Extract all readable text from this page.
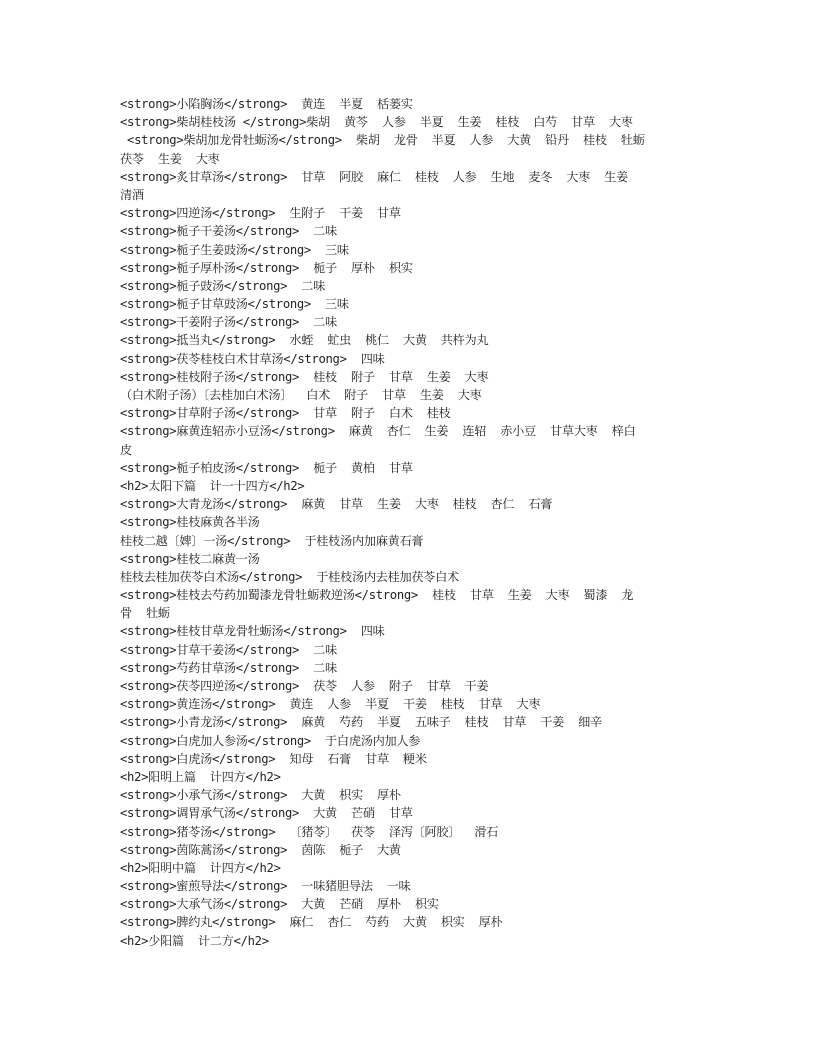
<strong>小陷胸汤</strong>  黄连  半夏  栝蒌实
<strong>柴胡桂枝汤 </strong>柴胡  黄芩  人参  半夏  生姜  桂枝  白芍  甘草  大枣
<strong>柴胡加龙骨牡蛎汤</strong>  柴胡  龙骨  半夏  人参  大黄  铅丹  桂枝  牡蛎
茯苓  生姜  大枣
<strong>炙甘草汤</strong>  甘草  阿胶  麻仁  桂枝  人参  生地  麦冬  大枣  生姜
清酒
<strong>四逆汤</strong>  生附子  干姜  甘草
<strong>栀子干姜汤</strong>  二味
<strong>栀子生姜豉汤</strong>  三味
<strong>栀子厚朴汤</strong>  栀子  厚朴  枳实
<strong>栀子豉汤</strong>  二味
<strong>栀子甘草豉汤</strong>  三味
<strong>干姜附子汤</strong>  二味
<strong>抵当丸</strong>  水蛭  虻虫  桃仁  大黄  共杵为丸
<strong>茯苓桂枝白术甘草汤</strong>  四味
<strong>桂枝附子汤</strong>  桂枝  附子  甘草  生姜  大枣
（白术附子汤）〔去桂加白术汤〕  白术  附子  甘草  生姜  大枣
<strong>甘草附子汤</strong>  甘草  附子  白术  桂枝
<strong>麻黄连轺赤小豆汤</strong>  麻黄  杏仁  生姜  连轺  赤小豆  甘草大枣  梓白
皮
<strong>栀子柏皮汤</strong>  栀子  黄柏  甘草
<h2>太阳下篇  计一十四方</h2>
<strong>大青龙汤</strong>  麻黄  甘草  生姜  大枣  桂枝  杏仁  石膏
<strong>桂枝麻黄各半汤
桂枝二越〔婢〕一汤</strong>  于桂枝汤内加麻黄石膏
<strong>桂枝二麻黄一汤
桂枝去桂加茯苓白术汤</strong>  于桂枝汤内去桂加茯苓白术
<strong>桂枝去芍药加蜀漆龙骨牡蛎救逆汤</strong>  桂枝  甘草  生姜  大枣  蜀漆  龙
骨  牡蛎
<strong>桂枝甘草龙骨牡蛎汤</strong>  四味
<strong>甘草干姜汤</strong>  二味
<strong>芍药甘草汤</strong>  二味
<strong>茯苓四逆汤</strong>  茯苓  人参  附子  甘草  干姜
<strong>黄连汤</strong>  黄连  人参  半夏  干姜  桂枝  甘草  大枣
<strong>小青龙汤</strong>  麻黄  芍药  半夏  五味子  桂枝  甘草  干姜  细辛
<strong>白虎加人参汤</strong>  于白虎汤内加人参
<strong>白虎汤</strong>  知母  石膏  甘草  粳米
<h2>阳明上篇  计四方</h2>
<strong>小承气汤</strong>  大黄  枳实  厚朴
<strong>调胃承气汤</strong>  大黄  芒硝  甘草
<strong>猪苓汤</strong>  〔猪苓〕  茯苓  泽泻〔阿胶〕  滑石
<strong>茵陈蒿汤</strong>  茵陈  栀子  大黄
<h2>阳明中篇  计四方</h2>
<strong>蜜煎导法</strong>  一味猪胆导法  一味
<strong>大承气汤</strong>  大黄  芒硝  厚朴  枳实
<strong>脾约丸</strong>  麻仁  杏仁  芍药  大黄  枳实  厚朴
<h2>少阳篇  计二方</h2>
